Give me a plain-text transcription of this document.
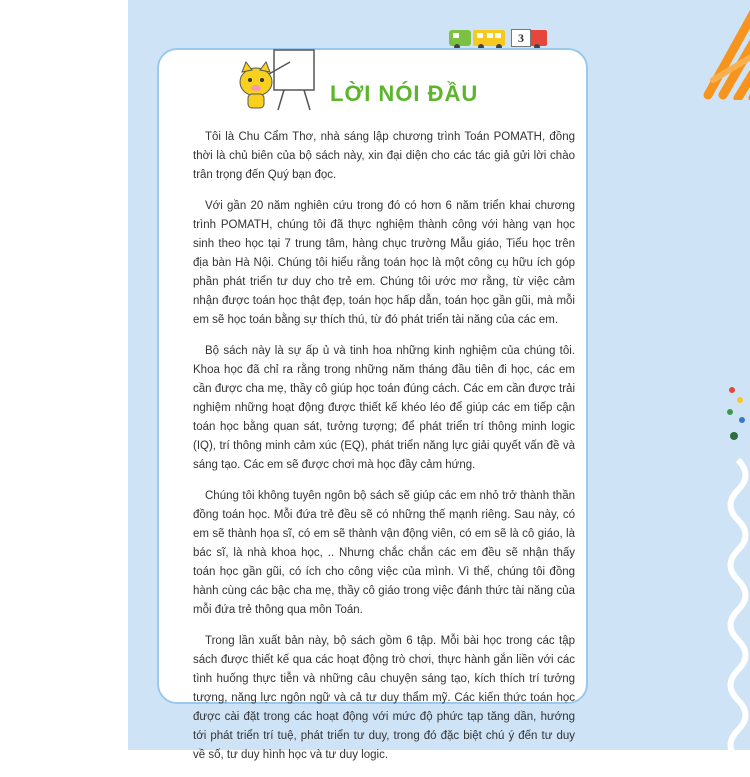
3
LỜI NÓI ĐẦU

Tôi là Chu Cẩm Thơ, nhà sáng lập chương trình Toán POMATH, đồng thời là chủ biên của bộ sách này, xin đại diện cho các tác giả gửi lời chào trân trọng đến Quý bạn đọc.

Với gần 20 năm nghiên cứu trong đó có hơn 6 năm triển khai chương trình POMATH, chúng tôi đã thực nghiệm thành công với hàng vạn học sinh theo học tại 7 trung tâm, hàng chục trường Mẫu giáo, Tiểu học trên địa bàn Hà Nội. Chúng tôi hiểu rằng toán học là một công cụ hữu ích góp phần phát triển tư duy cho trẻ em. Chúng tôi ước mơ rằng, từ việc cảm nhận được toán học thật đẹp, toán học hấp dẫn, toán học gần gũi, mà mỗi em sẽ học toán bằng sự thích thú, từ đó phát triển tài năng của các em.

Bộ sách này là sự ấp ủ và tinh hoa những kinh nghiệm của chúng tôi. Khoa học đã chỉ ra rằng trong những năm tháng đầu tiên đi học, các em cần được cha mẹ, thầy cô giúp học toán đúng cách. Các em cần được trải nghiệm những hoạt động được thiết kế khéo léo để giúp các em tiếp cận toán học bằng quan sát, tưởng tượng; để phát triển trí thông minh logic (IQ), trí thông minh cảm xúc (EQ), phát triển năng lực giải quyết vấn đề và sáng tạo. Các em sẽ được chơi mà học đầy cảm hứng.

Chúng tôi không tuyên ngôn bộ sách sẽ giúp các em nhỏ trở thành thần đồng toán học. Mỗi đứa trẻ đều sẽ có những thế mạnh riêng. Sau này, có em sẽ thành họa sĩ, có em sẽ thành vận động viên, có em sẽ là cô giáo, là bác sĩ, là nhà khoa học, .. Nhưng chắc chắn các em đều sẽ nhận thấy toán học gần gũi, có ích cho công việc của mình. Vì thế, chúng tôi đồng hành cùng các bậc cha mẹ, thầy cô giáo trong việc đánh thức tài năng của mỗi đứa trẻ thông qua môn Toán.

Trong lần xuất bản này, bộ sách gồm 6 tập. Mỗi bài học trong các tập sách được thiết kế qua các hoạt động trò chơi, thực hành gắn liền với các tình huống thực tiễn và những câu chuyện sáng tạo, kích thích trí tưởng tượng, năng lực ngôn ngữ và cả tư duy thẩm mỹ. Các kiến thức toán học được cài đặt trong các hoạt động với mức độ phức tạp tăng dần, hướng tới phát triển trí tuệ, phát triển tư duy, trong đó đặc biệt chú ý đến tư duy về số, tư duy hình học và tư duy logic.
